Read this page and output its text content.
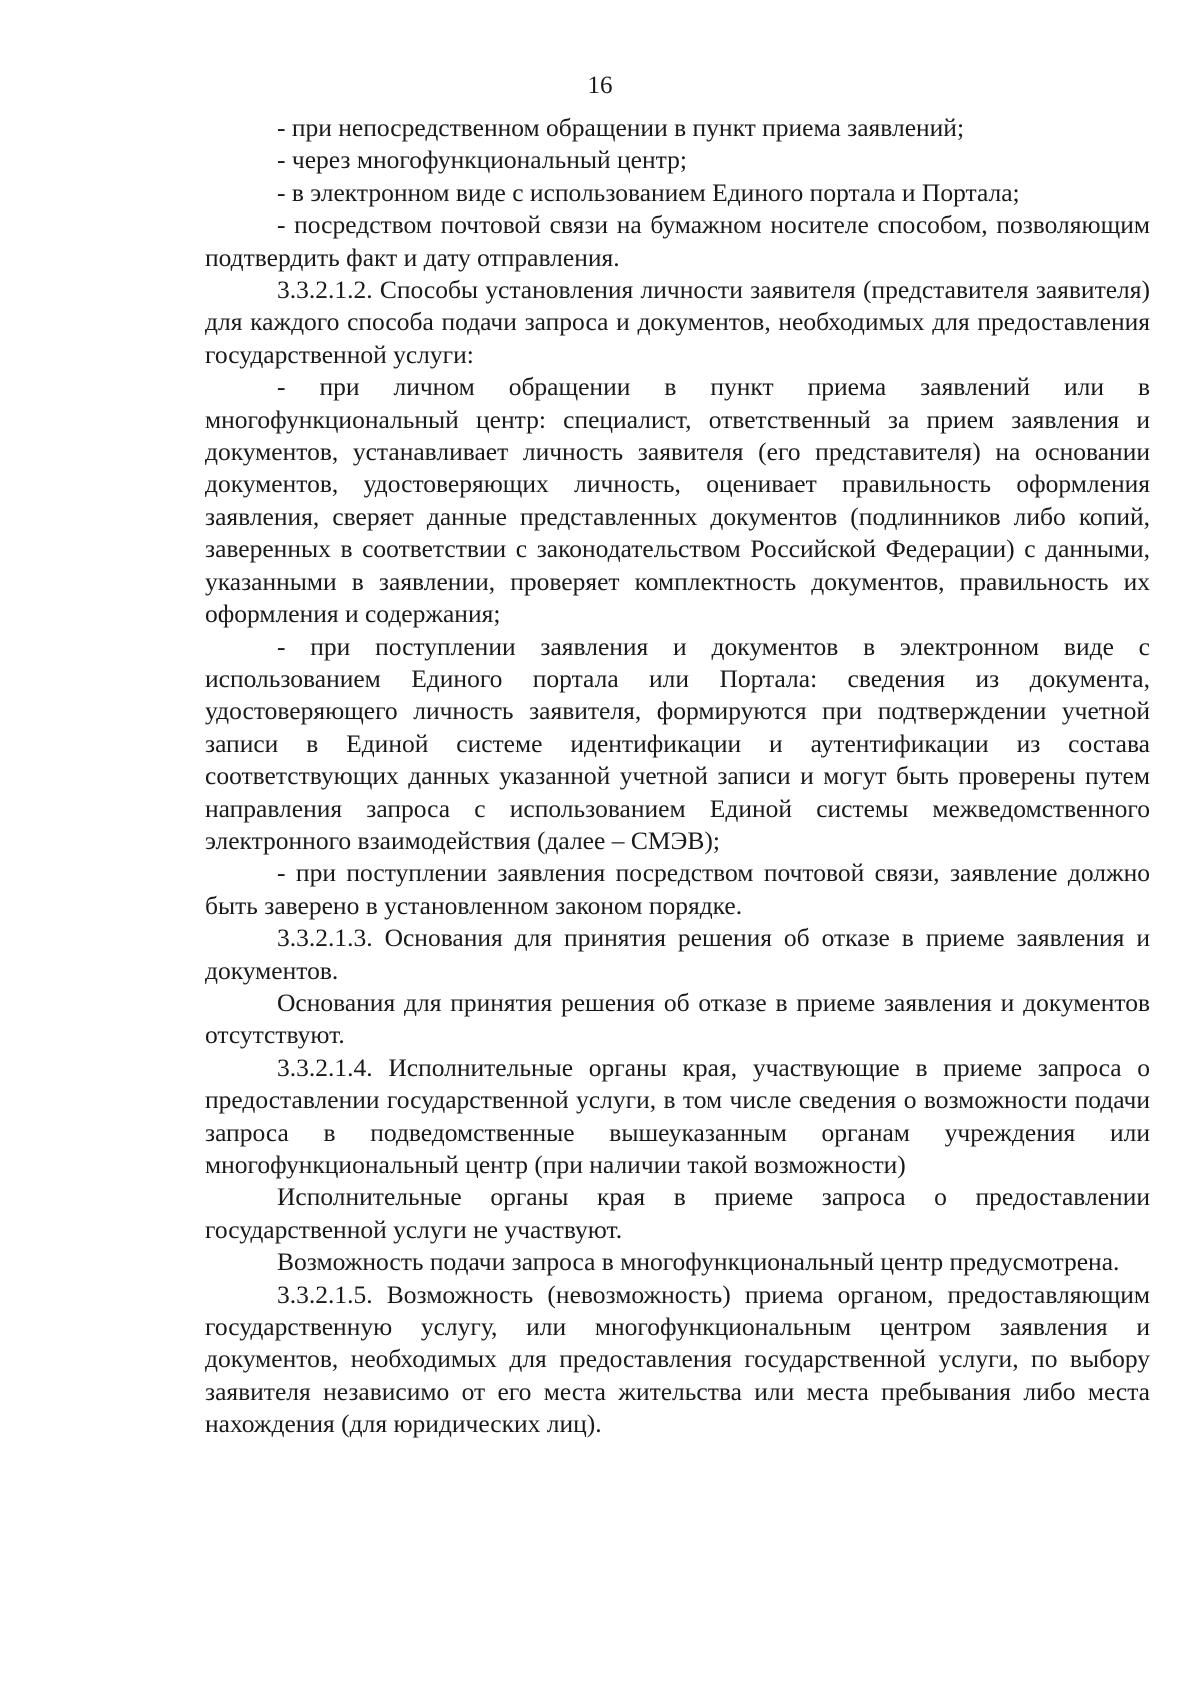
16

- при непосредственном обращении в пункт приема заявлений;

- через многофункциональный центр;

- в электронном виде с использованием Единого портала и Портала;

- посредством почтовой связи на бумажном носителе способом, позволяющим подтвердить факт и дату отправления.

3.3.2.1.2. Способы установления личности заявителя (представителя заявителя) для каждого способа подачи запроса и документов, необходимых для предоставления государственной услуги:

- при личном обращении в пункт приема заявлений или в многофункциональный центр: специалист, ответственный за прием заявления и документов, устанавливает личность заявителя (его представителя) на основании документов, удостоверяющих личность, оценивает правильность оформления заявления, сверяет данные представленных документов (подлинников либо копий, заверенных в соответствии с законодательством Российской Федерации) с данными, указанными в заявлении, проверяет комплектность документов, правильность их оформления и содержания;

- при поступлении заявления и документов в электронном виде с использованием Единого портала или Портала: сведения из документа, удостоверяющего личность заявителя, формируются при подтверждении учетной записи в Единой системе идентификации и аутентификации из состава соответствующих данных указанной учетной записи и могут быть проверены путем направления запроса с использованием Единой системы межведомственного электронного взаимодействия (далее – СМЭВ);

- при поступлении заявления посредством почтовой связи, заявление должно быть заверено в установленном законом порядке.

3.3.2.1.3. Основания для принятия решения об отказе в приеме заявления и документов.

Основания для принятия решения об отказе в приеме заявления и документов отсутствуют.

3.3.2.1.4. Исполнительные органы края, участвующие в приеме запроса о предоставлении государственной услуги, в том числе сведения о возможности подачи запроса в подведомственные вышеуказанным органам учреждения или многофункциональный центр (при наличии такой возможности)

Исполнительные органы края в приеме запроса о предоставлении государственной услуги не участвуют.

Возможность подачи запроса в многофункциональный центр предусмотрена.

3.3.2.1.5. Возможность (невозможность) приема органом, предоставляющим государственную услугу, или многофункциональным центром заявления и документов, необходимых для предоставления государственной услуги, по выбору заявителя независимо от его места жительства или места пребывания либо места нахождения (для юридических лиц).
